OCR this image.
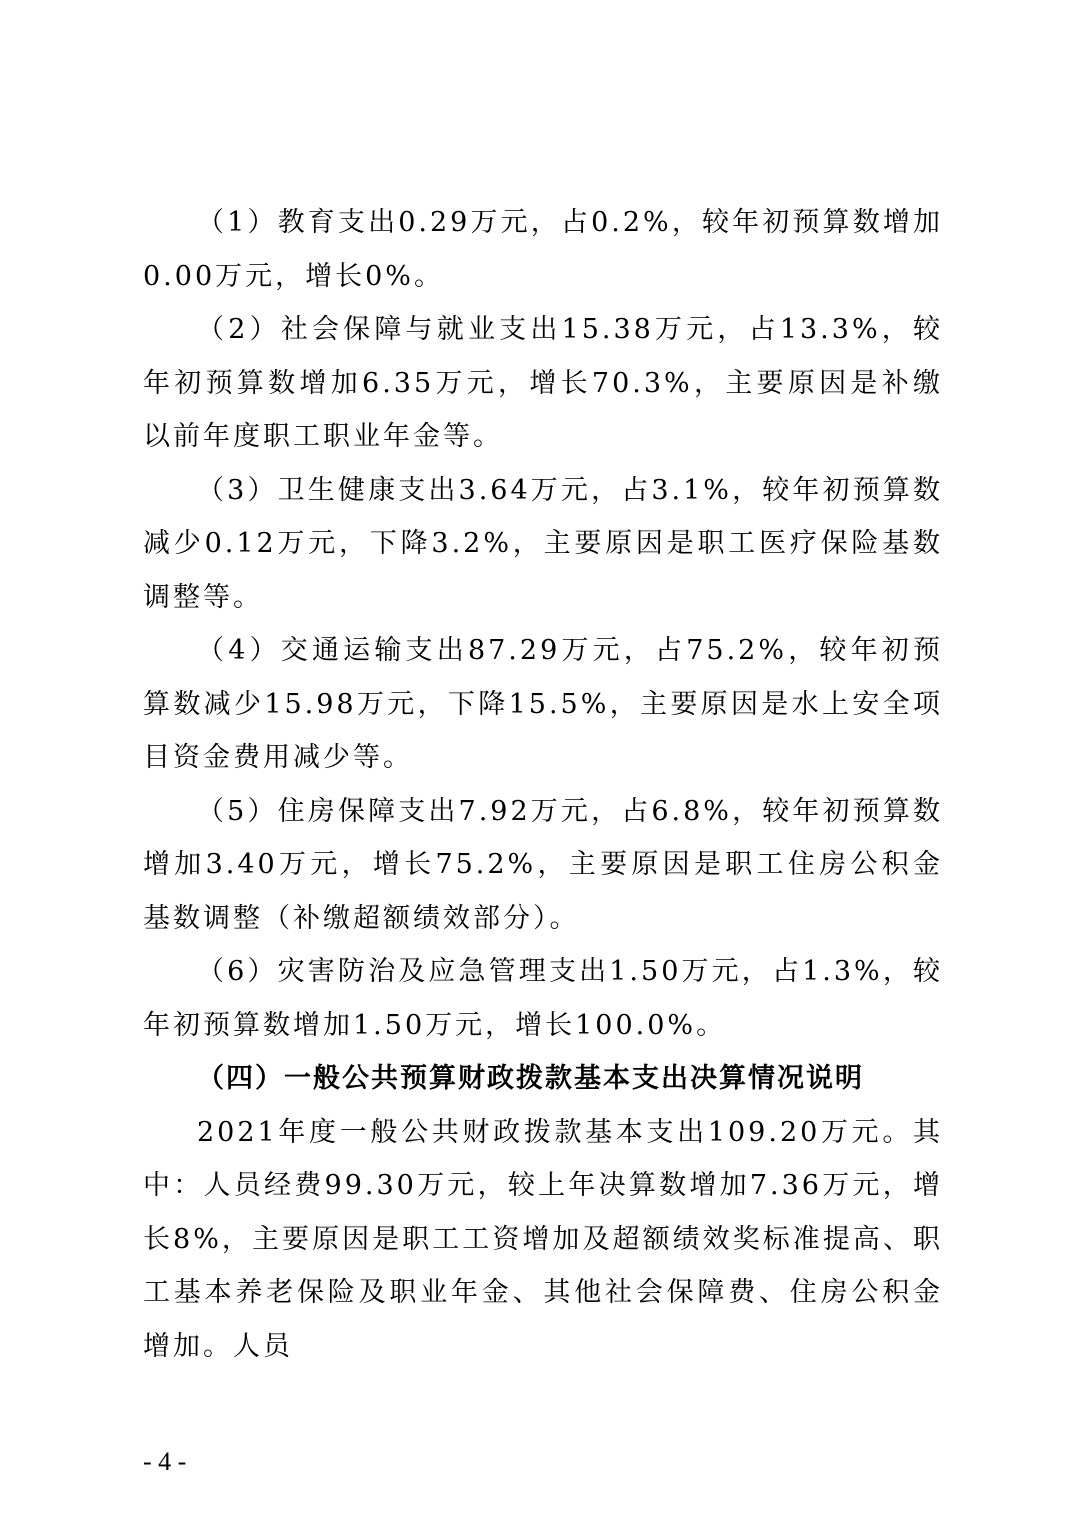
（1）教育支出0.29万元，占0.2%，较年初预算数增加0.00万元，增长0%。

（2）社会保障与就业支出15.38万元，占13.3%，较年初预算数增加6.35万元，增长70.3%，主要原因是补缴以前年度职工职业年金等。

（3）卫生健康支出3.64万元，占3.1%，较年初预算数减少0.12万元，下降3.2%，主要原因是职工医疗保险基数调整等。

（4）交通运输支出87.29万元，占75.2%，较年初预算数减少15.98万元，下降15.5%，主要原因是水上安全项目资金费用减少等。

（5）住房保障支出7.92万元，占6.8%，较年初预算数增加3.40万元，增长75.2%，主要原因是职工住房公积金基数调整（补缴超额绩效部分）。

（6）灾害防治及应急管理支出1.50万元，占1.3%，较年初预算数增加1.50万元，增长100.0%。

（四）一般公共预算财政拨款基本支出决算情况说明

2021年度一般公共财政拨款基本支出109.20万元。其中：人员经费99.30万元，较上年决算数增加7.36万元，增长8%，主要原因是职工工资增加及超额绩效奖标准提高、职工基本养老保险及职业年金、其他社会保障费、住房公积金增加。人员

- 4 -
